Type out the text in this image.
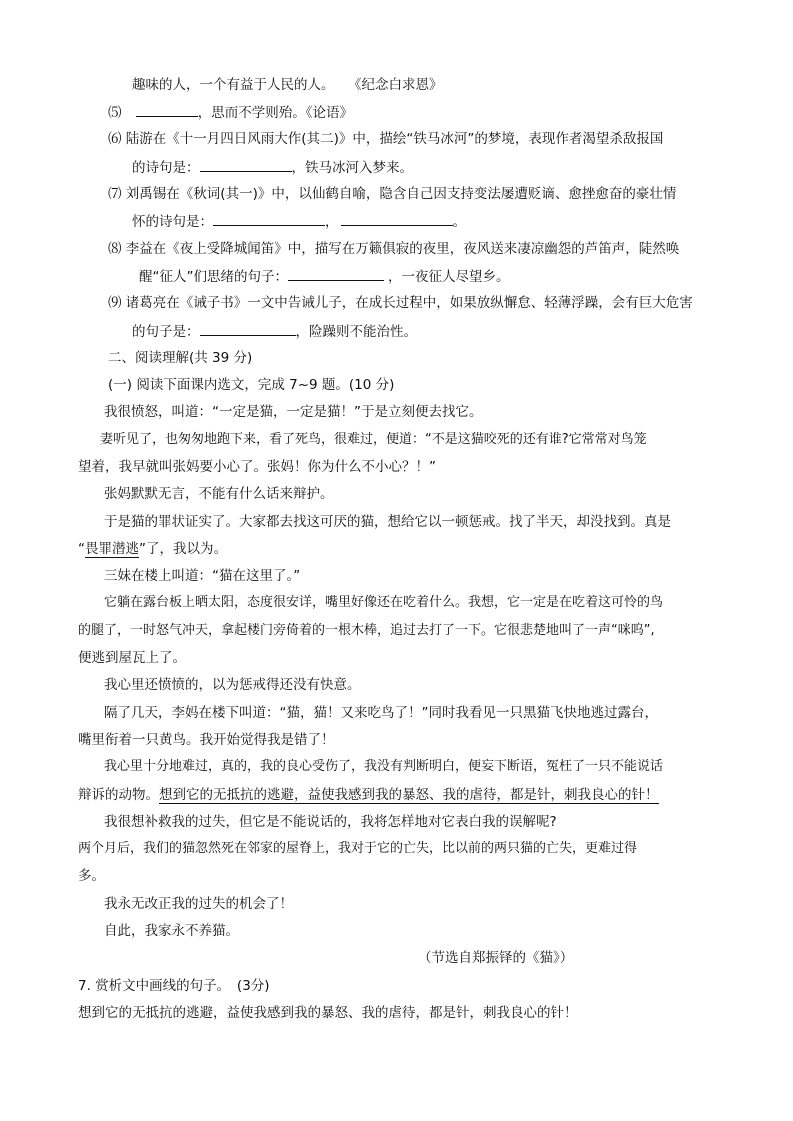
趣味的人，一个有益于人民的人。　　《纪念白求恩》
⑸	，思而不学则殆。《论语》
⑹ 陆游在《十一月四日风雨大作(其二)》中，描绘“铁马冰河”的梦境，表现作者渴望杀敌报国
的诗句是：	，铁马冰河入梦来。
⑺ 刘禹锡在《秋词(其一)》中，以仙鹤自喻，隐含自己因支持变法屡遭贬谪、愈挫愈奋的豪壮情
怀的诗句是：	，	。
⑻ 李益在《夜上受降城闻笛》中，描写在万籁俱寂的夜里，夜风送来凄凉幽怨的芦笛声，陡然唤
醒“征人”们思绪的句子：	，一夜征人尽望乡。
⑼ 诸葛亮在《诫子书》一文中告诫儿子，在成长过程中，如果放纵懈怠、轻薄浮躁，会有巨大危害
的句子是：	，险躁则不能治性。
二、阅读理解(共 39 分)
(一) 阅读下面课内选文，完成 7~9 题。(10 分)
我很愤怒，叫道：“一定是猫，一定是猫！”于是立刻便去找它。
妻听见了，也匆匆地跑下来，看了死鸟，很难过，便道：“不是这猫咬死的还有谁?它常常对鸟笼
望着，我早就叫张妈要小心了。张妈！你为什么不小心？！”
张妈默默无言，不能有什么话来辩护。
于是猫的罪状证实了。大家都去找这可厌的猫，想给它以一顿惩戒。找了半天，却没找到。真是
“畏罪潜逃”了，我以为。
三妹在楼上叫道：“猫在这里了。”
它躺在露台板上晒太阳，态度很安详，嘴里好像还在吃着什么。我想，它一定是在吃着这可怜的鸟
的腿了，一时怒气冲天，拿起楼门旁倚着的一根木棒，追过去打了一下。它很悲楚地叫了一声“咪呜”,
便逃到屋瓦上了。
我心里还愤愤的，以为惩戒得还没有快意。
隔了几天，李妈在楼下叫道：“猫，猫！又来吃鸟了！”同时我看见一只黑猫飞快地逃过露台，
嘴里衔着一只黄鸟。我开始觉得我是错了！
我心里十分地难过，真的，我的良心受伤了，我没有判断明白，便妄下断语，冤枉了一只不能说话
辩诉的动物。想到它的无抵抗的逃避，益使我感到我的暴怒、我的虐待，都是针，刺我良心的针！
我很想补救我的过失，但它是不能说话的，我将怎样地对它表白我的误解呢?
两个月后，我们的猫忽然死在邻家的屋脊上，我对于它的亡失，比以前的两只猫的亡失，更难过得
多。
我永无改正我的过失的机会了！
自此，我家永不养猫。
（节选自郑振铎的《猫》）
7. 赏析文中画线的句子。　(3分)
想到它的无抵抗的逃避，益使我感到我的暴怒、我的虐待，都是针，刺我良心的针！
